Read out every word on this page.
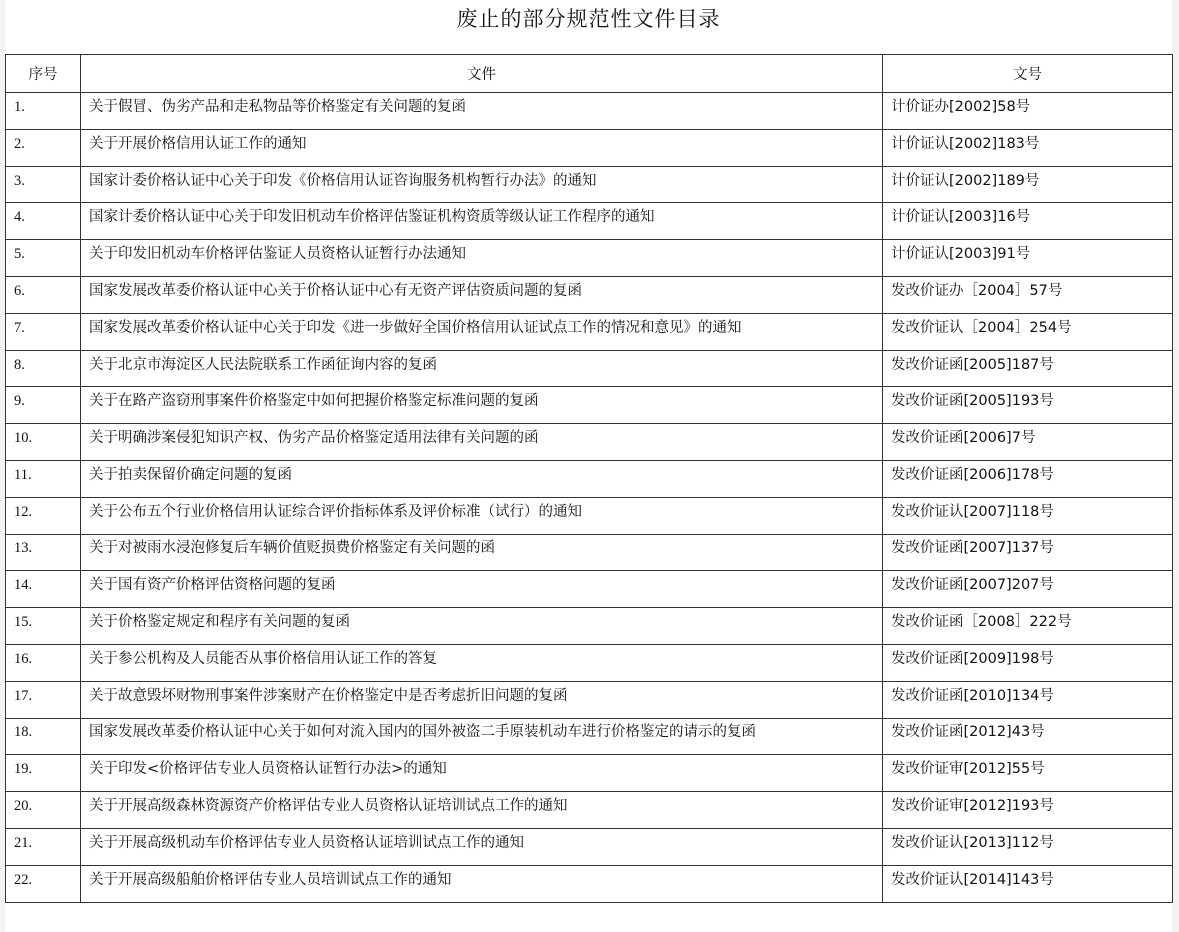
废止的部分规范性文件目录
序号	文件	文号
1.	关于假冒、伪劣产品和走私物品等价格鉴定有关问题的复函	计价证办[2002]58号
2.	关于开展价格信用认证工作的通知	计价证认[2002]183号
3.	国家计委价格认证中心关于印发《价格信用认证咨询服务机构暂行办法》的通知	计价证认[2002]189号
4.	国家计委价格认证中心关于印发旧机动车价格评估鉴证机构资质等级认证工作程序的通知	计价证认[2003]16号
5.	关于印发旧机动车价格评估鉴证人员资格认证暂行办法通知	计价证认[2003]91号
6.	国家发展改革委价格认证中心关于价格认证中心有无资产评估资质问题的复函	发改价证办［2004］57号
7.	国家发展改革委价格认证中心关于印发《进一步做好全国价格信用认证试点工作的情况和意见》的通知	发改价证认［2004］254号
8.	关于北京市海淀区人民法院联系工作函征询内容的复函	发改价证函[2005]187号
9.	关于在路产盗窃刑事案件价格鉴定中如何把握价格鉴定标准问题的复函	发改价证函[2005]193号
10.	关于明确涉案侵犯知识产权、伪劣产品价格鉴定适用法律有关问题的函	发改价证函[2006]7号
11.	关于拍卖保留价确定问题的复函	发改价证函[2006]178号
12.	关于公布五个行业价格信用认证综合评价指标体系及评价标准（试行）的通知	发改价证认[2007]118号
13.	关于对被雨水浸泡修复后车辆价值贬损费价格鉴定有关问题的函	发改价证函[2007]137号
14.	关于国有资产价格评估资格问题的复函	发改价证函[2007]207号
15.	关于价格鉴定规定和程序有关问题的复函	发改价证函［2008］222号
16.	关于参公机构及人员能否从事价格信用认证工作的答复	发改价证函[2009]198号
17.	关于故意毁坏财物刑事案件涉案财产在价格鉴定中是否考虑折旧问题的复函	发改价证函[2010]134号
18.	国家发展改革委价格认证中心关于如何对流入国内的国外被盗二手原装机动车进行价格鉴定的请示的复函	发改价证函[2012]43号
19.	关于印发<价格评估专业人员资格认证暂行办法>的通知	发改价证审[2012]55号
20.	关于开展高级森林资源资产价格评估专业人员资格认证培训试点工作的通知	发改价证审[2012]193号
21.	关于开展高级机动车价格评估专业人员资格认证培训试点工作的通知	发改价证认[2013]112号
22.	关于开展高级船舶价格评估专业人员培训试点工作的通知	发改价证认[2014]143号
